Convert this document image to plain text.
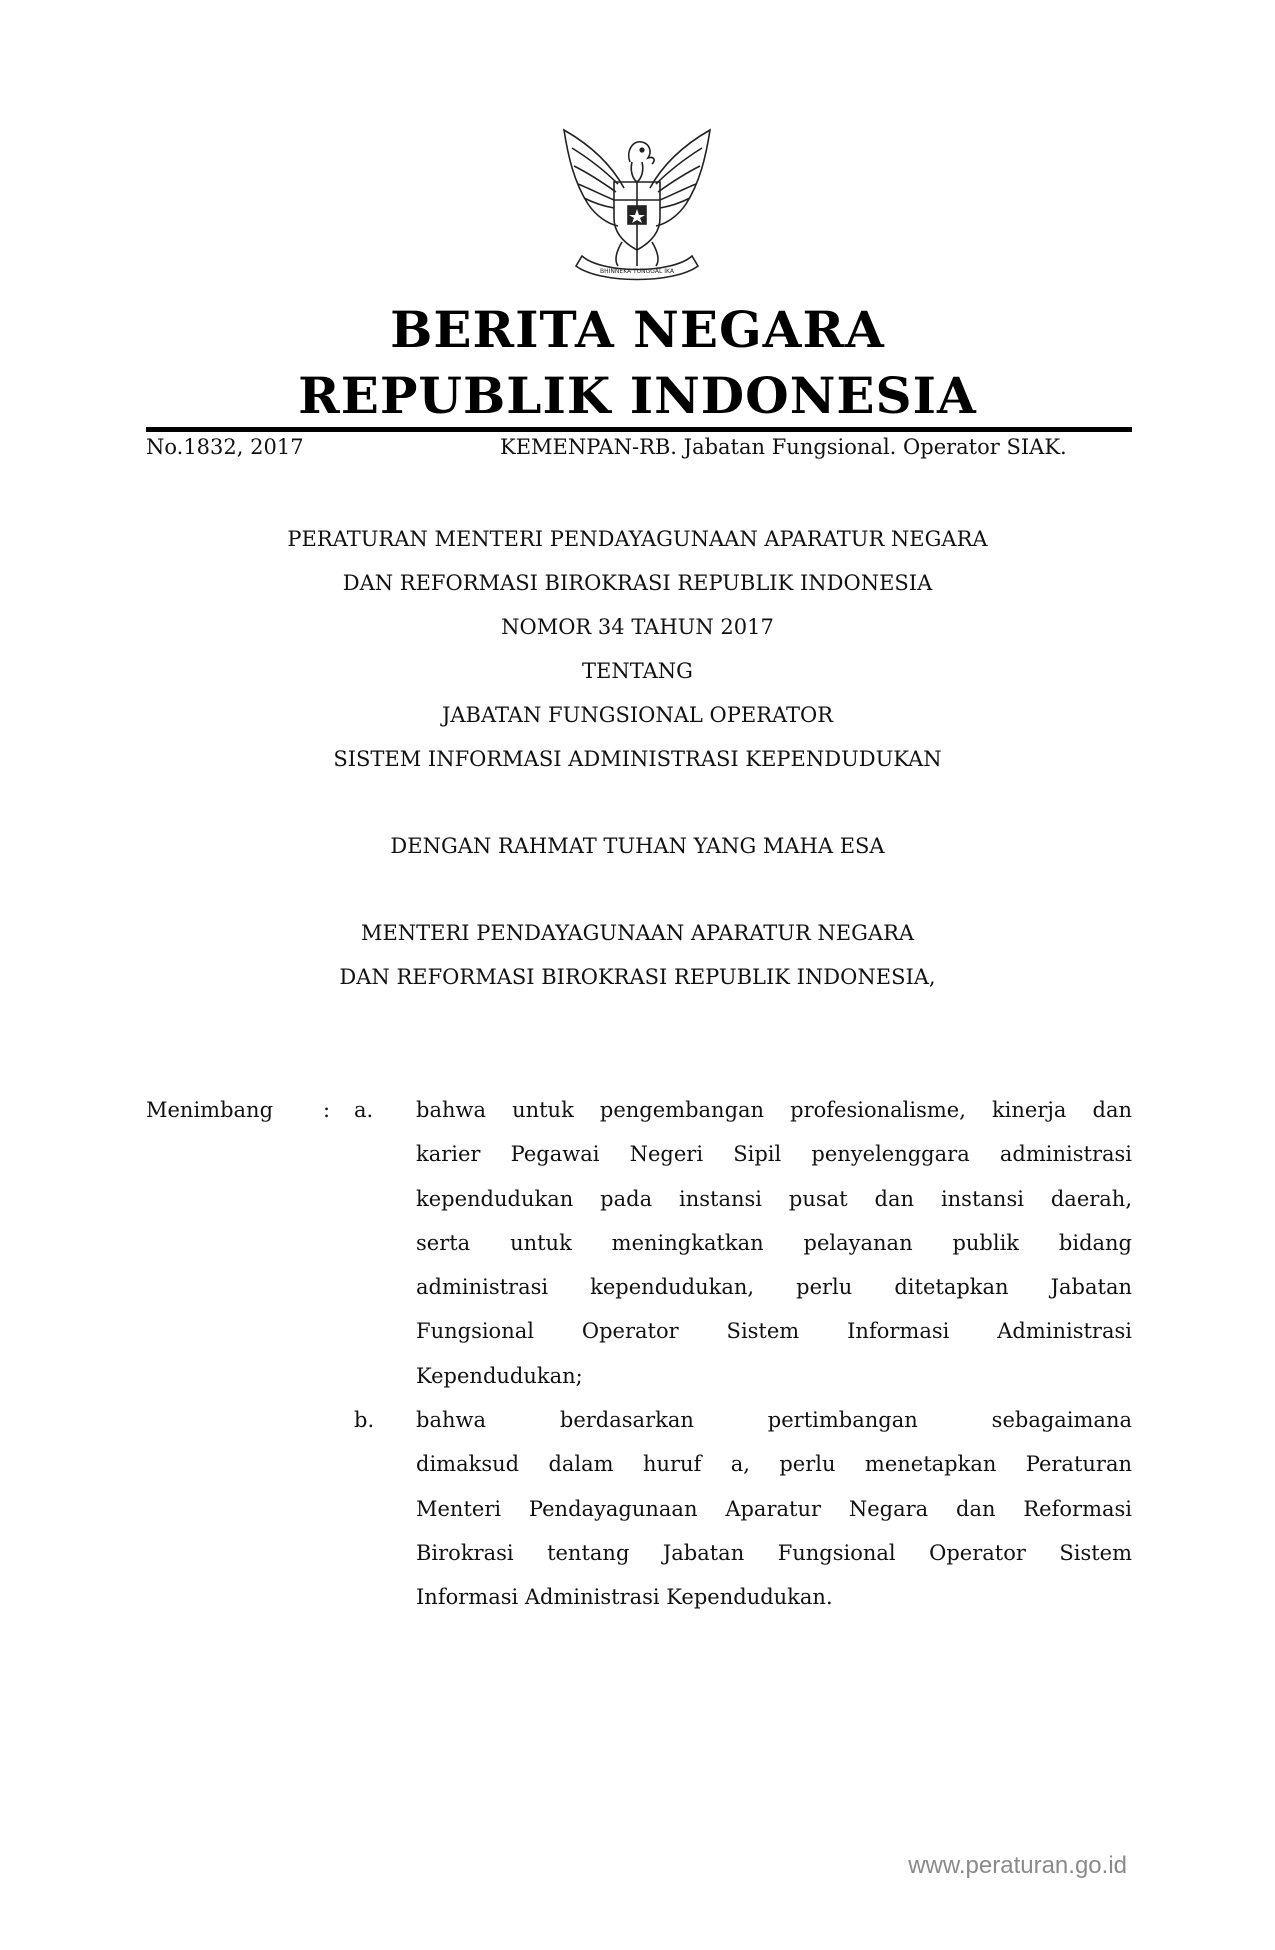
BHINNEKA TUNGGAL IKA
BERITA NEGARA
REPUBLIK INDONESIA
No.1832, 2017	KEMENPAN-RB. Jabatan Fungsional. Operator SIAK.
PERATURAN MENTERI PENDAYAGUNAAN APARATUR NEGARA
DAN REFORMASI BIROKRASI REPUBLIK INDONESIA
NOMOR 34 TAHUN 2017
TENTANG
JABATAN FUNGSIONAL OPERATOR
SISTEM INFORMASI ADMINISTRASI KEPENDUDUKAN
DENGAN RAHMAT TUHAN YANG MAHA ESA
MENTERI PENDAYAGUNAAN APARATUR NEGARA
DAN REFORMASI BIROKRASI REPUBLIK INDONESIA,
Menimbang : a. bahwa untuk pengembangan profesionalisme, kinerja dan
karier Pegawai Negeri Sipil penyelenggara administrasi
kependudukan pada instansi pusat dan instansi daerah,
serta untuk meningkatkan pelayanan publik bidang
administrasi kependudukan, perlu ditetapkan Jabatan
Fungsional Operator Sistem Informasi Administrasi
Kependudukan;
b. bahwa berdasarkan pertimbangan sebagaimana
dimaksud dalam huruf a, perlu menetapkan Peraturan
Menteri Pendayagunaan Aparatur Negara dan Reformasi
Birokrasi tentang Jabatan Fungsional Operator Sistem
Informasi Administrasi Kependudukan.
www.peraturan.go.id
